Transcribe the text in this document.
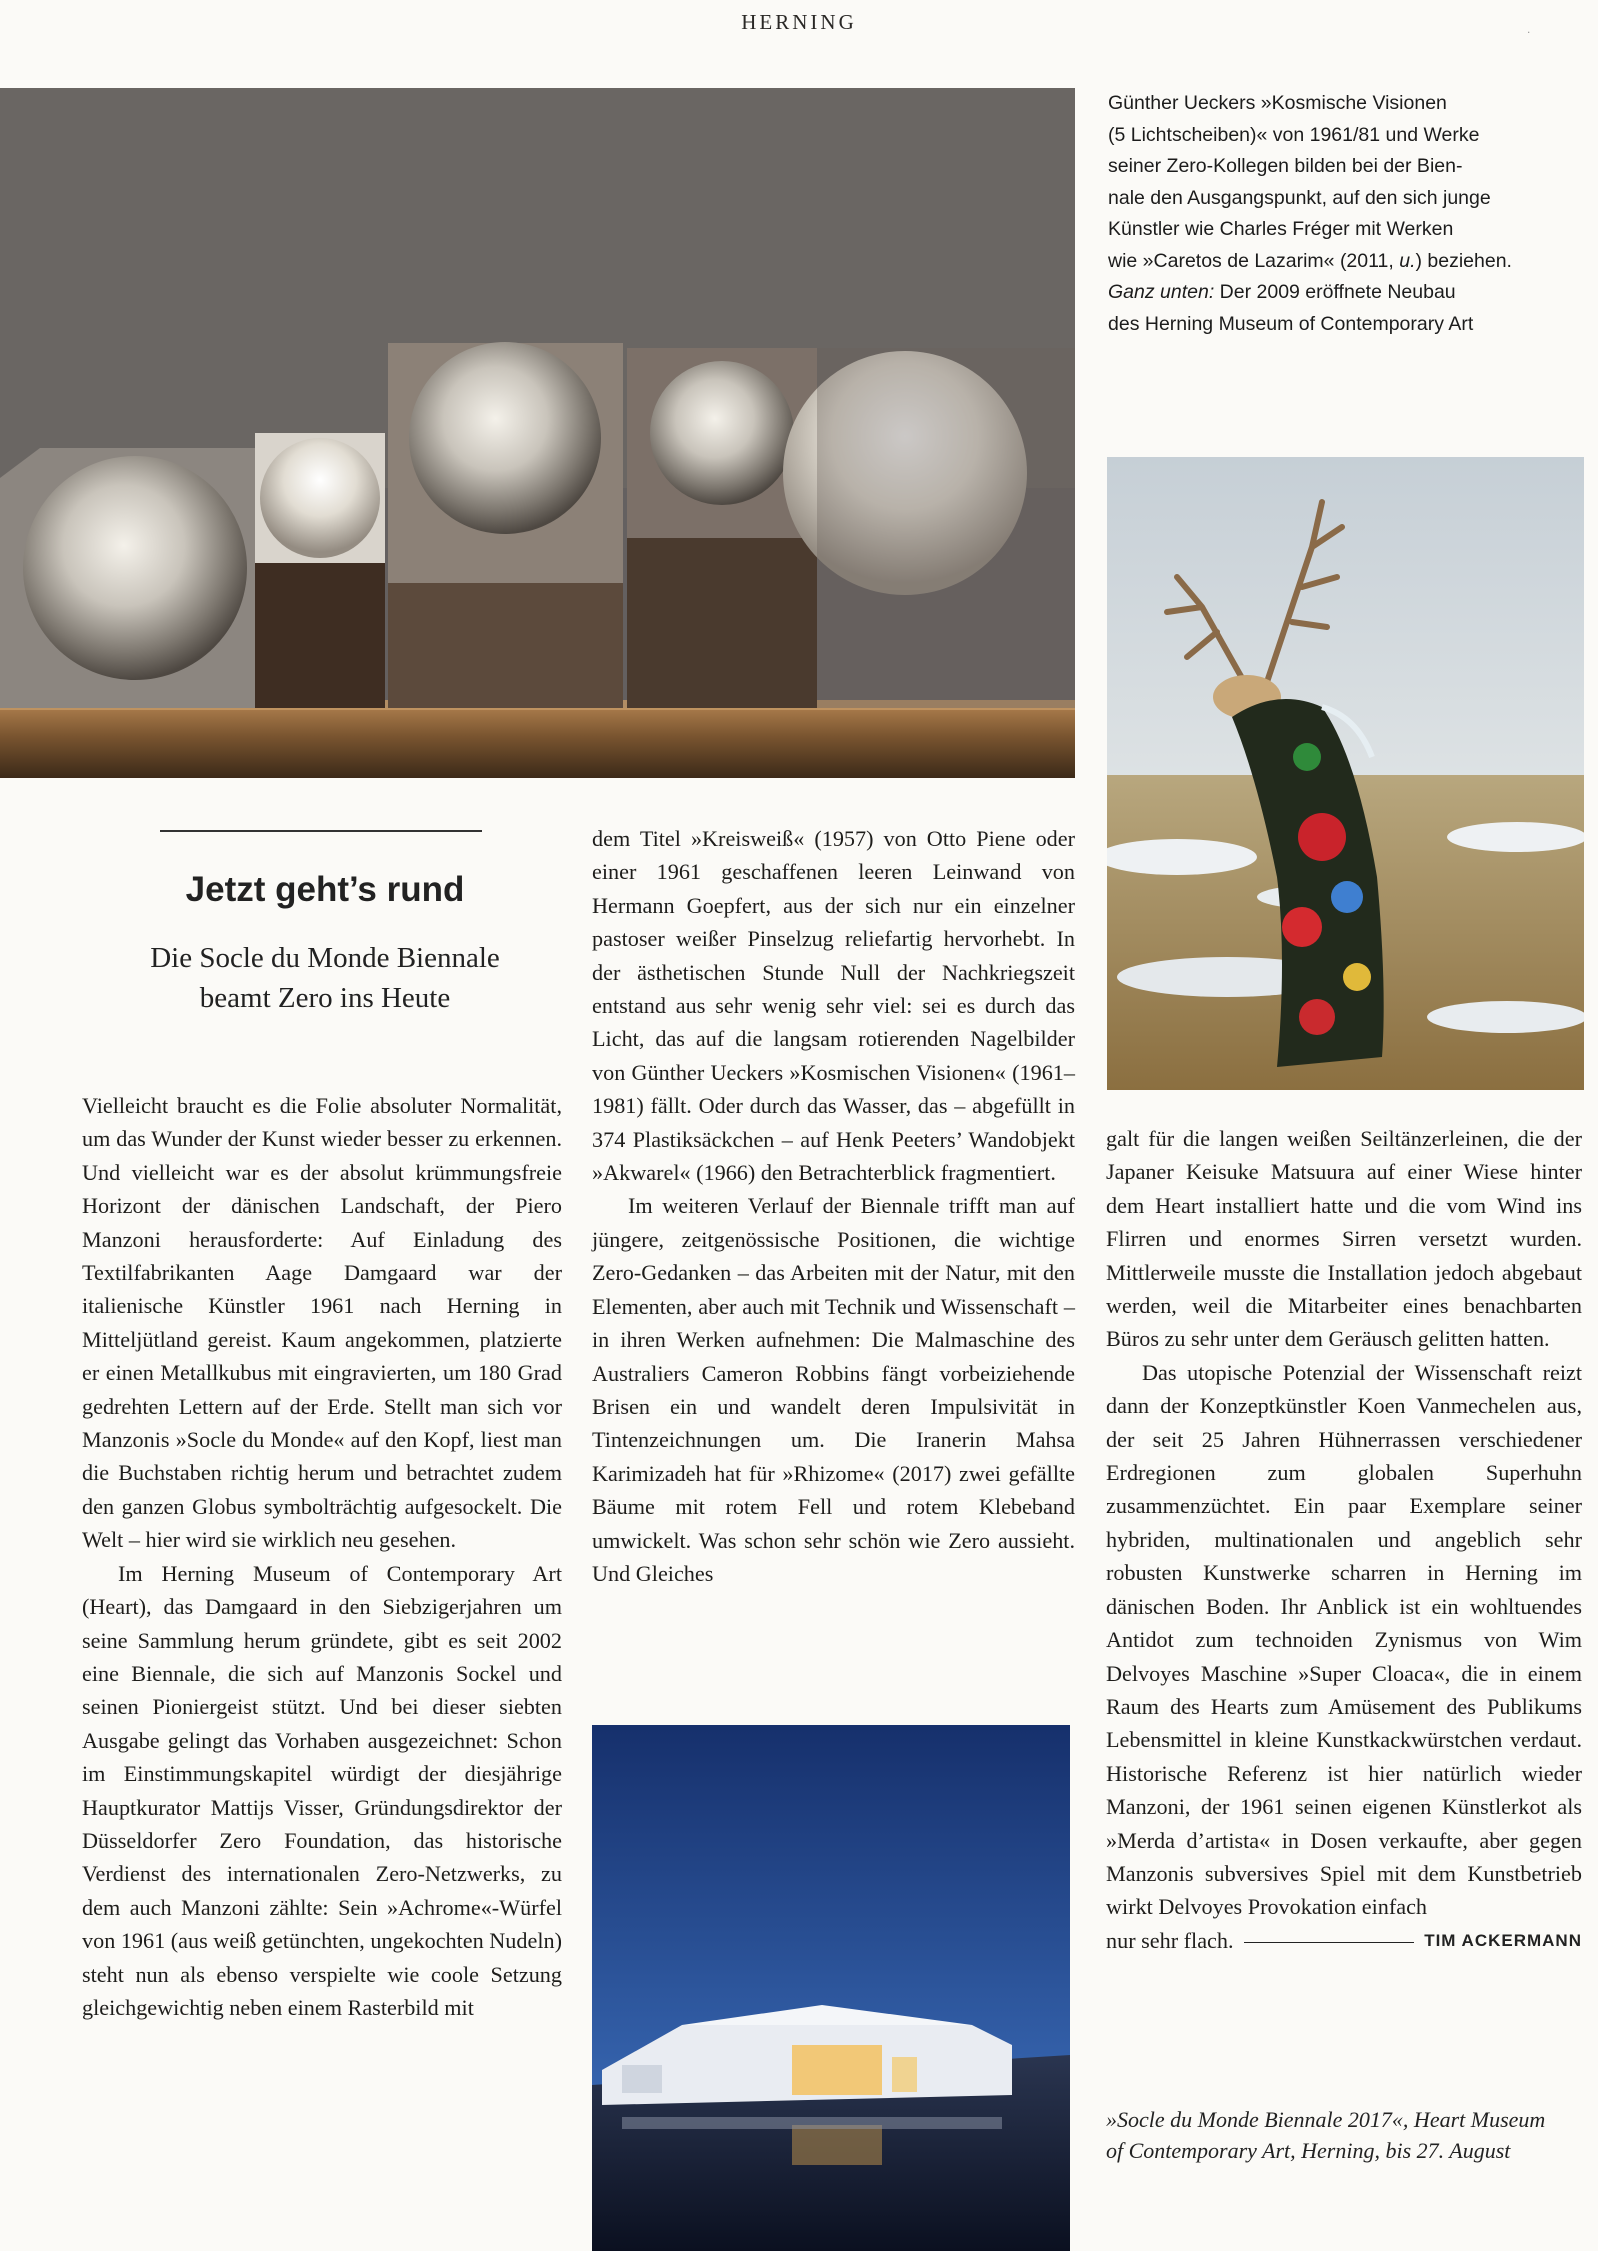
HERNING	.
Günther Ueckers »Kosmische Visionen
(5 Lichtscheiben)« von 1961/81 und Werke
seiner Zero-Kollegen bilden bei der Bien-
nale den Ausgangspunkt, auf den sich junge
Künstler wie Charles Fréger mit Werken
wie »Caretos de Lazarim« (2011, u.) beziehen.
Ganz unten: Der 2009 eröffnete Neubau
des Herning Museum of Contemporary Art
Jetzt geht’s rund
Die Socle du Monde Biennale
beamt Zero ins Heute

Vielleicht braucht es die Folie absoluter Normalität, um das Wunder der Kunst wieder besser zu erkennen. Und vielleicht war es der absolut krümmungsfreie Horizont der dänischen Landschaft, der Piero Manzoni herausforderte: Auf Einladung des Textilfabrikanten Aage Damgaard war der italienische Künstler 1961 nach Herning in Mitteljütland gereist. Kaum angekommen, platzierte er einen Metallkubus mit eingravierten, um 180 Grad gedrehten Lettern auf der Erde. Stellt man sich vor Manzonis »Socle du Monde« auf den Kopf, liest man die Buchstaben richtig herum und betrachtet zudem den ganzen Globus symbolträchtig aufgesockelt. Die Welt – hier wird sie wirklich neu gesehen.

Im Herning Museum of Contemporary Art (Heart), das Damgaard in den Siebzigerjahren um seine Sammlung herum gründete, gibt es seit 2002 eine Biennale, die sich auf Manzonis Sockel und seinen Pioniergeist stützt. Und bei dieser siebten Ausgabe gelingt das Vorhaben ausgezeichnet: Schon im Einstimmungskapitel würdigt der diesjährige Hauptkurator Mattijs Visser, Gründungsdirektor der Düsseldorfer Zero Foundation, das historische Verdienst des internationalen Zero-Netzwerks, zu dem auch Manzoni zählte: Sein »Achrome«-Würfel von 1961 (aus weiß getünchten, ungekochten Nudeln) steht nun als ebenso verspielte wie coole Setzung gleichgewichtig neben einem Rasterbild mit

dem Titel »Kreisweiß« (1957) von Otto Piene oder einer 1961 geschaffenen leeren Leinwand von Hermann Goepfert, aus der sich nur ein einzelner pastoser weißer Pinselzug reliefartig hervorhebt. In der ästhetischen Stunde Null der Nachkriegszeit entstand aus sehr wenig sehr viel: sei es durch das Licht, das auf die langsam rotierenden Nagelbilder von Günther Ueckers »Kosmischen Visionen« (1961–1981) fällt. Oder durch das Wasser, das – abgefüllt in 374 Plastiksäckchen – auf Henk Peeters’ Wandobjekt »Akwarel« (1966) den Betrachterblick fragmentiert.

Im weiteren Verlauf der Biennale trifft man auf jüngere, zeitgenössische Positionen, die wichtige Zero-Gedanken – das Arbeiten mit der Natur, mit den Elementen, aber auch mit Technik und Wissenschaft – in ihren Werken aufnehmen: Die Malmaschine des Australiers Cameron Robbins fängt vorbeiziehende Brisen ein und wandelt deren Impulsivität in Tintenzeichnungen um. Die Iranerin Mahsa Karimizadeh hat für »Rhizome« (2017) zwei gefällte Bäume mit rotem Fell und rotem Klebeband umwickelt. Was schon sehr schön wie Zero aussieht. Und Gleiches

galt für die langen weißen Seiltänzerleinen, die der Japaner Keisuke Matsuura auf einer Wiese hinter dem Heart installiert hatte und die vom Wind ins Flirren und enormes Sirren versetzt wurden. Mittlerweile musste die Installation jedoch abgebaut werden, weil die Mitarbeiter eines benachbarten Büros zu sehr unter dem Geräusch gelitten hatten.

Das utopische Potenzial der Wissenschaft reizt dann der Konzeptkünstler Koen Vanmechelen aus, der seit 25 Jahren Hühnerrassen verschiedener Erdregionen zum globalen Superhuhn zusammenzüchtet. Ein paar Exemplare seiner hybriden, multinationalen und angeblich sehr robusten Kunstwerke scharren in Herning im dänischen Boden. Ihr Anblick ist ein wohltuendes Antidot zum technoiden Zynismus von Wim Delvoyes Maschine »Super Cloaca«, die in einem Raum des Hearts zum Amüsement des Publikums Lebensmittel in kleine Kunstkackwürstchen verdaut. Historische Referenz ist hier natürlich wieder Manzoni, der 1961 seinen eigenen Künstlerkot als »Merda d’artista« in Dosen verkaufte, aber gegen Manzonis subversives Spiel mit dem Kunstbetrieb wirkt Delvoyes Provokation einfach

nur sehr flach.	TIM ACKERMANN
»Socle du Monde Biennale 2017«, Heart Museum
of Contemporary Art, Herning, bis 27. August
